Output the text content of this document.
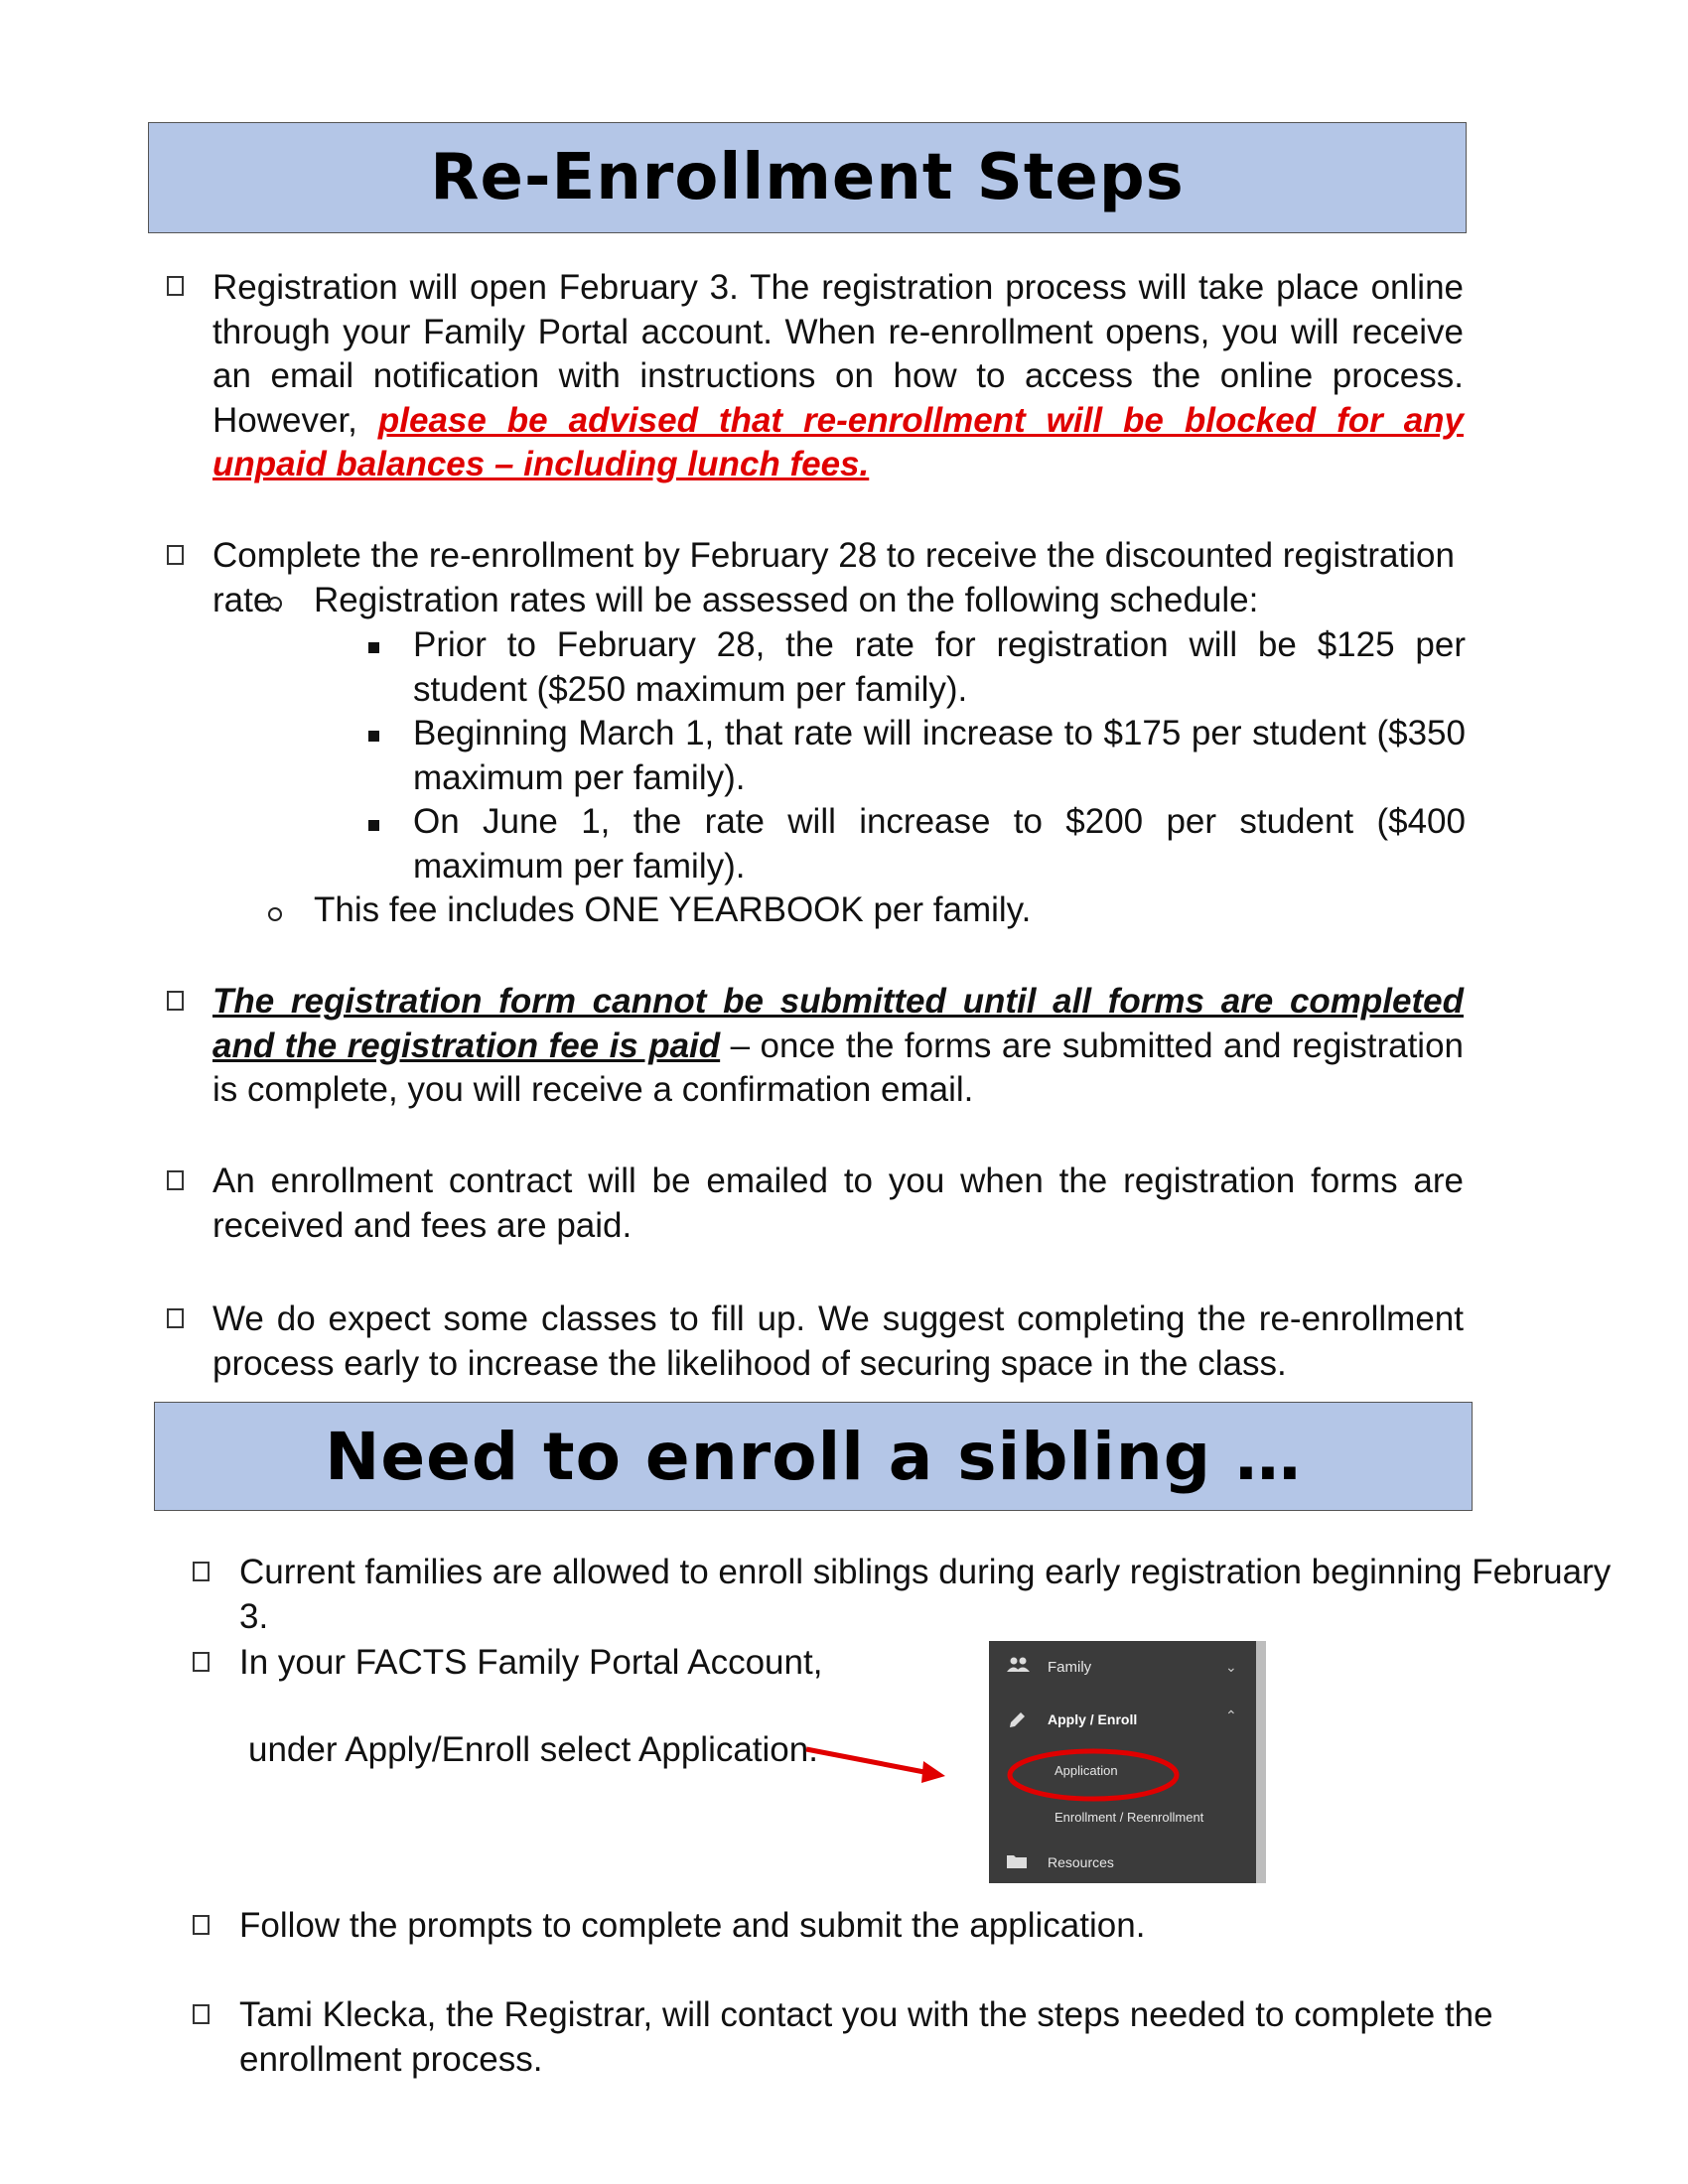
Re-Enrollment Steps
Registration will open February 3. The registration process will take place online through your Family Portal account. When re-enrollment opens, you will receive an email notification with instructions on how to access the online process. However, please be advised that re-enrollment will be blocked for any unpaid balances – including lunch fees.
Complete the re-enrollment by February 28 to receive the discounted registration rate. Registration rates will be assessed on the following schedule:
Prior to February 28, the rate for registration will be $125 per student ($250 maximum per family).
Beginning March 1, that rate will increase to $175 per student ($350 maximum per family).
On June 1, the rate will increase to $200 per student ($400 maximum per family).
This fee includes ONE YEARBOOK per family.
The registration form cannot be submitted until all forms are completed and the registration fee is paid – once the forms are submitted and registration is complete, you will receive a confirmation email.
An enrollment contract will be emailed to you when the registration forms are received and fees are paid.
We do expect some classes to fill up. We suggest completing the re-enrollment process early to increase the likelihood of securing space in the class.
Need to enroll a sibling …
Current families are allowed to enroll siblings during early registration beginning February 3.
In your FACTS Family Portal Account,
under Apply/Enroll select Application.
Family	⌄
Apply / Enroll	⌃
Application
Enrollment / Reenrollment
Resources
Follow the prompts to complete and submit the application.
Tami Klecka, the Registrar, will contact you with the steps needed to complete the enrollment process.
